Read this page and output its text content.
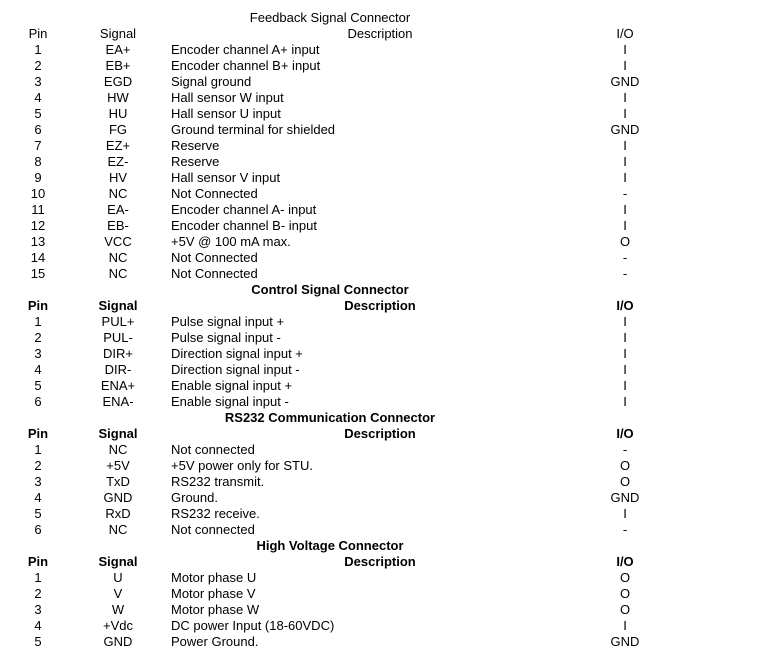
Feedback Signal Connector
Pin	Signal	Description	I/O
1	EA+	Encoder channel A+ input	I
2	EB+	Encoder channel B+ input	I
3	EGD	Signal ground	GND
4	HW	Hall sensor W input	I
5	HU	Hall sensor U input	I
6	FG	Ground terminal for shielded	GND
7	EZ+	Reserve	I
8	EZ-	Reserve	I
9	HV	Hall sensor V input	I
10	NC	Not Connected	-
11	EA-	Encoder channel A- input	I
12	EB-	Encoder channel B- input	I
13	VCC	+5V @ 100 mA max.	O
14	NC	Not Connected	-
15	NC	Not Connected	-
Control Signal Connector
Pin	Signal	Description	I/O
1	PUL+	Pulse signal input +	I
2	PUL-	Pulse signal input -	I
3	DIR+	Direction signal input +	I
4	DIR-	Direction signal input -	I
5	ENA+	Enable signal input +	I
6	ENA-	Enable signal input -	I
RS232 Communication Connector
Pin	Signal	Description	I/O
1	NC	Not connected	-
2	+5V	+5V power only for STU.	O
3	TxD	RS232 transmit.	O
4	GND	Ground.	GND
5	RxD	RS232 receive.	I
6	NC	Not connected	-
High Voltage Connector
Pin	Signal	Description	I/O
1	U	Motor phase U	O
2	V	Motor phase V	O
3	W	Motor phase W	O
4	+Vdc	DC power Input (18-60VDC)	I
5	GND	Power Ground.	GND
